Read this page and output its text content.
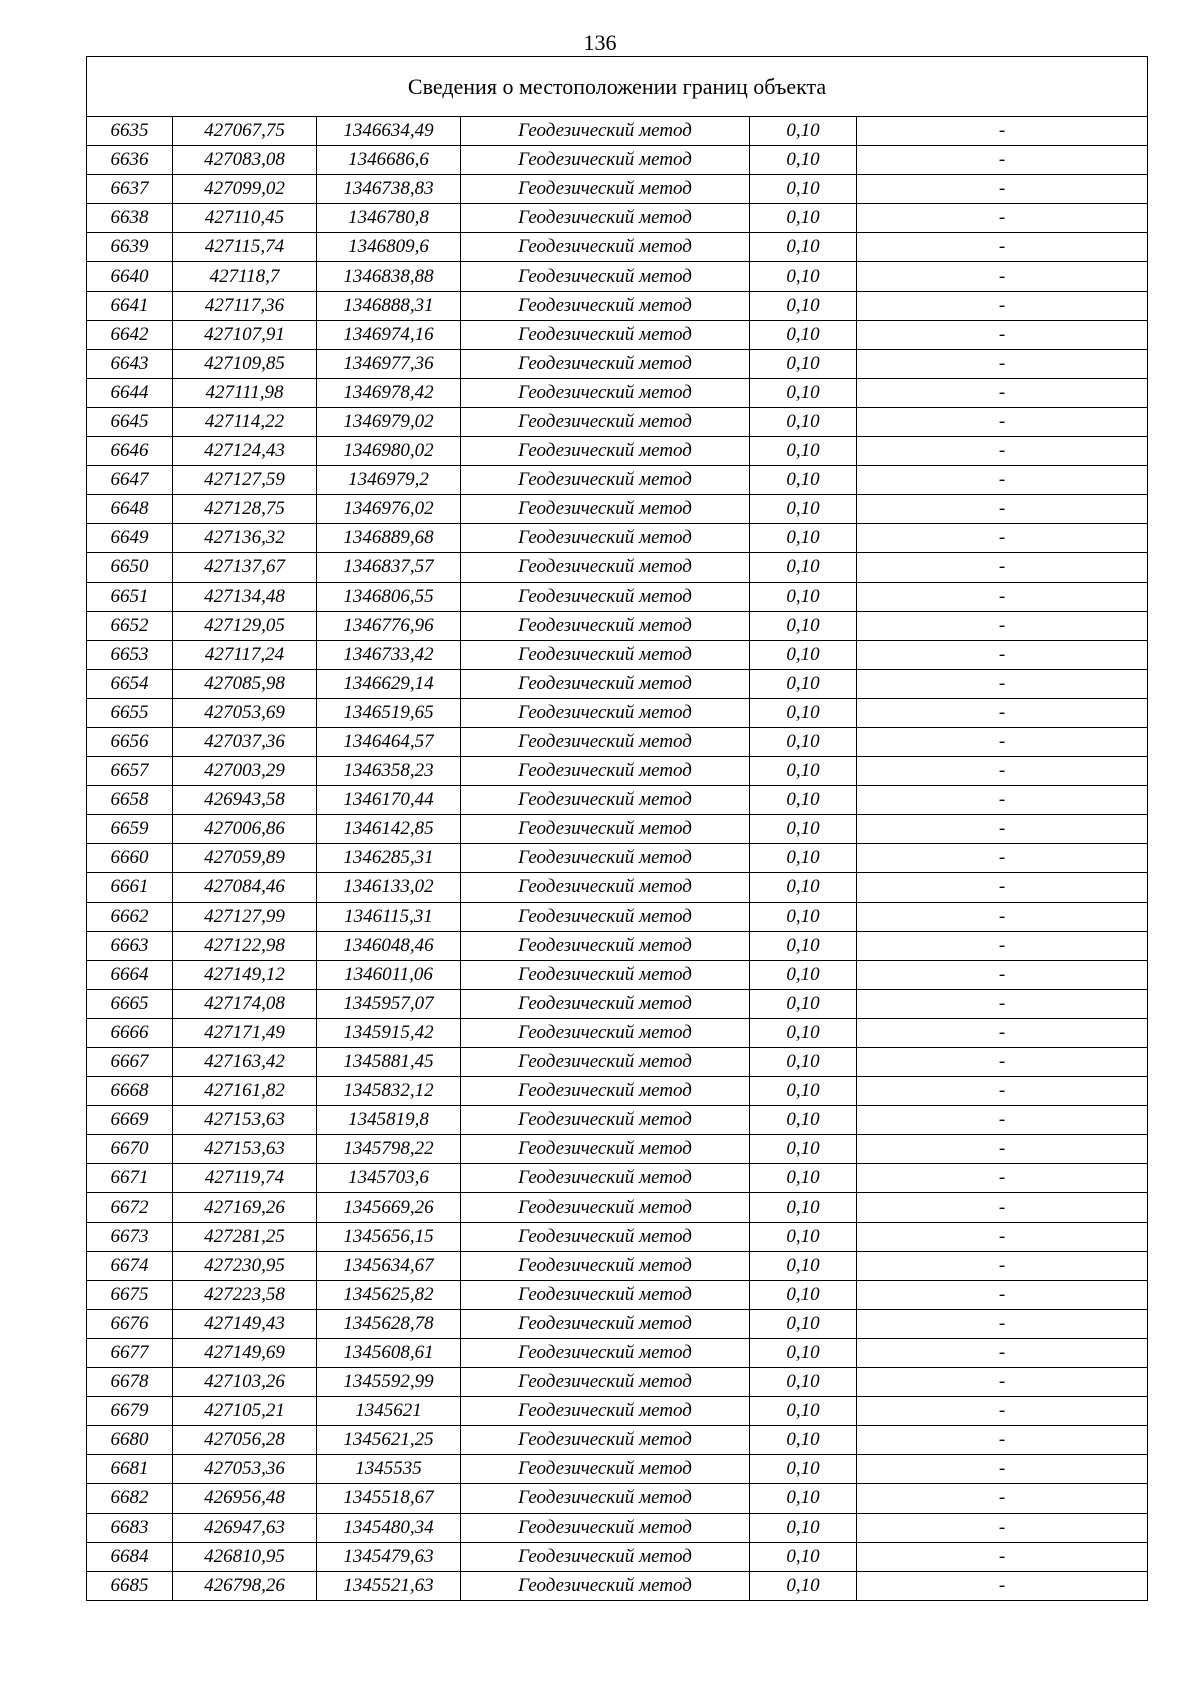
136
Сведения о местоположении границ объекта					
6635	427067,75	1346634,49	Геодезический метод	0,10	-
6636	427083,08	1346686,6	Геодезический метод	0,10	-
6637	427099,02	1346738,83	Геодезический метод	0,10	-
6638	427110,45	1346780,8	Геодезический метод	0,10	-
6639	427115,74	1346809,6	Геодезический метод	0,10	-
6640	427118,7	1346838,88	Геодезический метод	0,10	-
6641	427117,36	1346888,31	Геодезический метод	0,10	-
6642	427107,91	1346974,16	Геодезический метод	0,10	-
6643	427109,85	1346977,36	Геодезический метод	0,10	-
6644	427111,98	1346978,42	Геодезический метод	0,10	-
6645	427114,22	1346979,02	Геодезический метод	0,10	-
6646	427124,43	1346980,02	Геодезический метод	0,10	-
6647	427127,59	1346979,2	Геодезический метод	0,10	-
6648	427128,75	1346976,02	Геодезический метод	0,10	-
6649	427136,32	1346889,68	Геодезический метод	0,10	-
6650	427137,67	1346837,57	Геодезический метод	0,10	-
6651	427134,48	1346806,55	Геодезический метод	0,10	-
6652	427129,05	1346776,96	Геодезический метод	0,10	-
6653	427117,24	1346733,42	Геодезический метод	0,10	-
6654	427085,98	1346629,14	Геодезический метод	0,10	-
6655	427053,69	1346519,65	Геодезический метод	0,10	-
6656	427037,36	1346464,57	Геодезический метод	0,10	-
6657	427003,29	1346358,23	Геодезический метод	0,10	-
6658	426943,58	1346170,44	Геодезический метод	0,10	-
6659	427006,86	1346142,85	Геодезический метод	0,10	-
6660	427059,89	1346285,31	Геодезический метод	0,10	-
6661	427084,46	1346133,02	Геодезический метод	0,10	-
6662	427127,99	1346115,31	Геодезический метод	0,10	-
6663	427122,98	1346048,46	Геодезический метод	0,10	-
6664	427149,12	1346011,06	Геодезический метод	0,10	-
6665	427174,08	1345957,07	Геодезический метод	0,10	-
6666	427171,49	1345915,42	Геодезический метод	0,10	-
6667	427163,42	1345881,45	Геодезический метод	0,10	-
6668	427161,82	1345832,12	Геодезический метод	0,10	-
6669	427153,63	1345819,8	Геодезический метод	0,10	-
6670	427153,63	1345798,22	Геодезический метод	0,10	-
6671	427119,74	1345703,6	Геодезический метод	0,10	-
6672	427169,26	1345669,26	Геодезический метод	0,10	-
6673	427281,25	1345656,15	Геодезический метод	0,10	-
6674	427230,95	1345634,67	Геодезический метод	0,10	-
6675	427223,58	1345625,82	Геодезический метод	0,10	-
6676	427149,43	1345628,78	Геодезический метод	0,10	-
6677	427149,69	1345608,61	Геодезический метод	0,10	-
6678	427103,26	1345592,99	Геодезический метод	0,10	-
6679	427105,21	1345621	Геодезический метод	0,10	-
6680	427056,28	1345621,25	Геодезический метод	0,10	-
6681	427053,36	1345535	Геодезический метод	0,10	-
6682	426956,48	1345518,67	Геодезический метод	0,10	-
6683	426947,63	1345480,34	Геодезический метод	0,10	-
6684	426810,95	1345479,63	Геодезический метод	0,10	-
6685	426798,26	1345521,63	Геодезический метод	0,10	-
